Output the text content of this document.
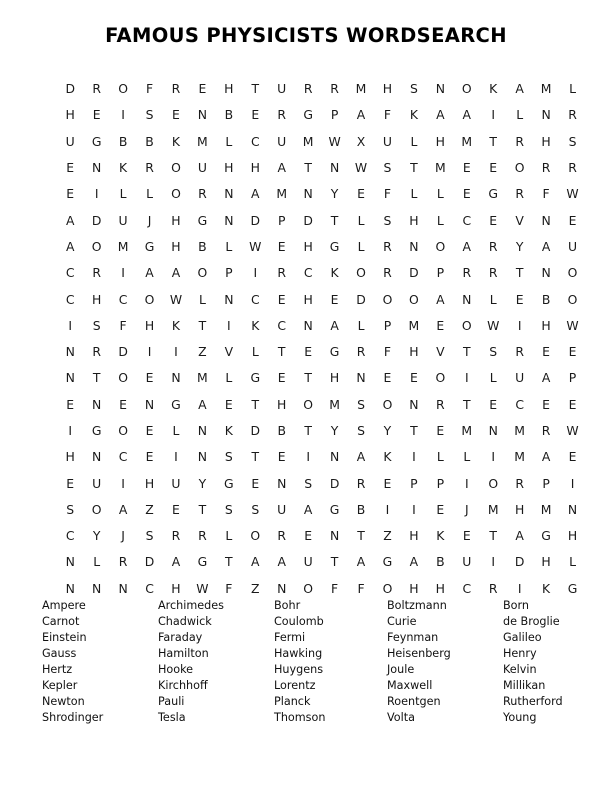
FAMOUS PHYSICISTS WORDSEARCH
D	R	O	F	R	E	H	T	U	R	R	M	H	S	N	O	K	A	M	L
H	E	I	S	E	N	B	E	R	G	P	A	F	K	A	A	I	L	N	R
U	G	B	B	K	M	L	C	U	M	W	X	U	L	H	M	T	R	H	S
E	N	K	R	O	U	H	H	A	T	N	W	S	T	M	E	E	O	R	R
E	I	L	L	O	R	N	A	M	N	Y	E	F	L	L	E	G	R	F	W
A	D	U	J	H	G	N	D	P	D	T	L	S	H	L	C	E	V	N	E
A	O	M	G	H	B	L	W	E	H	G	L	R	N	O	A	R	Y	A	U
C	R	I	A	A	O	P	I	R	C	K	O	R	D	P	R	R	T	N	O
C	H	C	O	W	L	N	C	E	H	E	D	O	O	A	N	L	E	B	O
I	S	F	H	K	T	I	K	C	N	A	L	P	M	E	O	W	I	H	W
N	R	D	I	I	Z	V	L	T	E	G	R	F	H	V	T	S	R	E	E
N	T	O	E	N	M	L	G	E	T	H	N	E	E	O	I	L	U	A	P
E	N	E	N	G	A	E	T	H	O	M	S	O	N	R	T	E	C	E	E
I	G	O	E	L	N	K	D	B	T	Y	S	Y	T	E	M	N	M	R	W
H	N	C	E	I	N	S	T	E	I	N	A	K	I	L	L	I	M	A	E
E	U	I	H	U	Y	G	E	N	S	D	R	E	P	P	I	O	R	P	I
S	O	A	Z	E	T	S	S	U	A	G	B	I	I	E	J	M	H	M	N
C	Y	J	S	R	R	L	O	R	E	N	T	Z	H	K	E	T	A	G	H
N	L	R	D	A	G	T	A	A	U	T	A	G	A	B	U	I	D	H	L
N	N	N	C	H	W	F	Z	N	O	F	F	O	H	H	C	R	I	K	G
Ampere
Carnot
Einstein
Gauss
Hertz
Kepler
Newton
Shrodinger
Archimedes
Chadwick
Faraday
Hamilton
Hooke
Kirchhoff
Pauli
Tesla
Bohr
Coulomb
Fermi
Hawking
Huygens
Lorentz
Planck
Thomson
Boltzmann
Curie
Feynman
Heisenberg
Joule
Maxwell
Roentgen
Volta
Born
de Broglie
Galileo
Henry
Kelvin
Millikan
Rutherford
Young
